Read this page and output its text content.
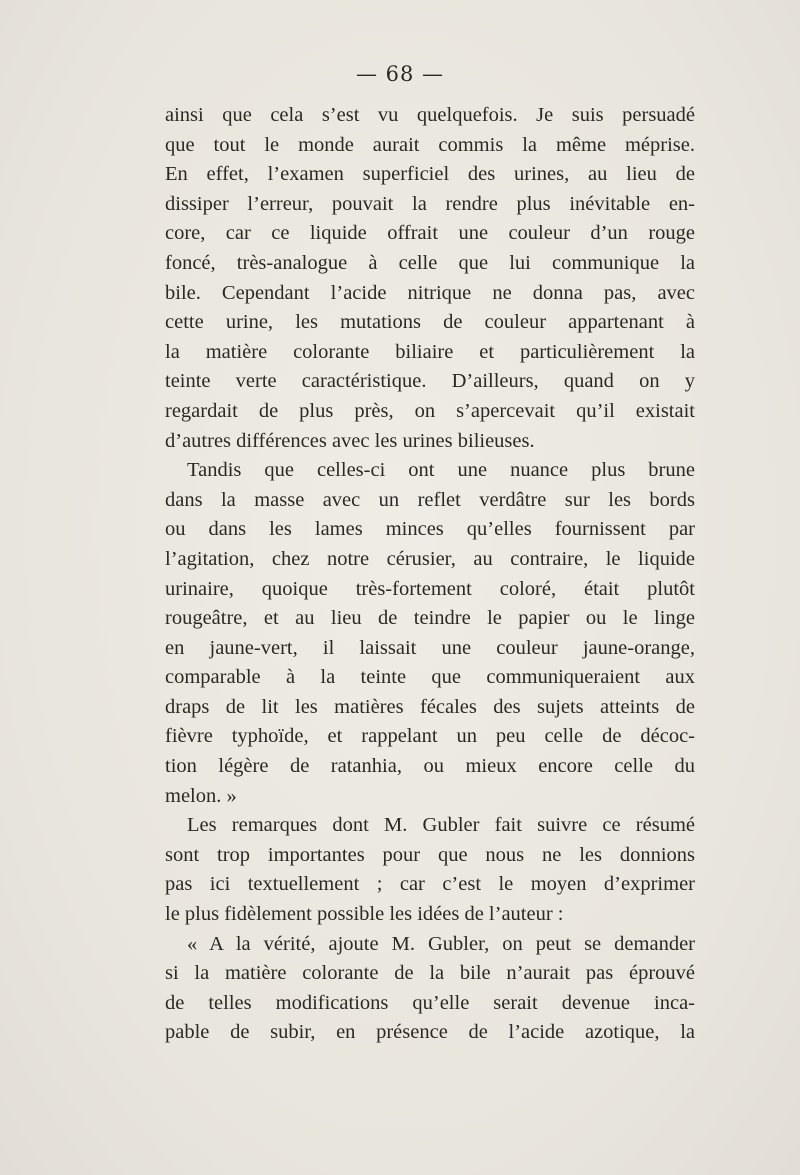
— 68 —
ainsi que cela s’est vu quelquefois. Je suis persuadé
que tout le monde aurait commis la même méprise.
En effet, l’examen superficiel des urines, au lieu de
dissiper l’erreur, pouvait la rendre plus inévitable en-
core, car ce liquide offrait une couleur d’un rouge
foncé, très-analogue à celle que lui communique la
bile. Cependant l’acide nitrique ne donna pas, avec
cette urine, les mutations de couleur appartenant à
la matière colorante biliaire et particulièrement la
teinte verte caractéristique. D’ailleurs, quand on y
regardait de plus près, on s’apercevait qu’il existait
d’autres différences avec les urines bilieuses.
Tandis que celles-ci ont une nuance plus brune
dans la masse avec un reflet verdâtre sur les bords
ou dans les lames minces qu’elles fournissent par
l’agitation, chez notre cérusier, au contraire, le liquide
urinaire, quoique très-fortement coloré, était plutôt
rougeâtre, et au lieu de teindre le papier ou le linge
en jaune-vert, il laissait une couleur jaune-orange,
comparable à la teinte que communiqueraient aux
draps de lit les matières fécales des sujets atteints de
fièvre typhoïde, et rappelant un peu celle de décoc-
tion légère de ratanhia, ou mieux encore celle du
melon. »
Les remarques dont M. Gubler fait suivre ce résumé
sont trop importantes pour que nous ne les donnions
pas ici textuellement ; car c’est le moyen d’exprimer
le plus fidèlement possible les idées de l’auteur :
« A la vérité, ajoute M. Gubler, on peut se demander
si la matière colorante de la bile n’aurait pas éprouvé
de telles modifications qu’elle serait devenue inca-
pable de subir, en présence de l’acide azotique, la
